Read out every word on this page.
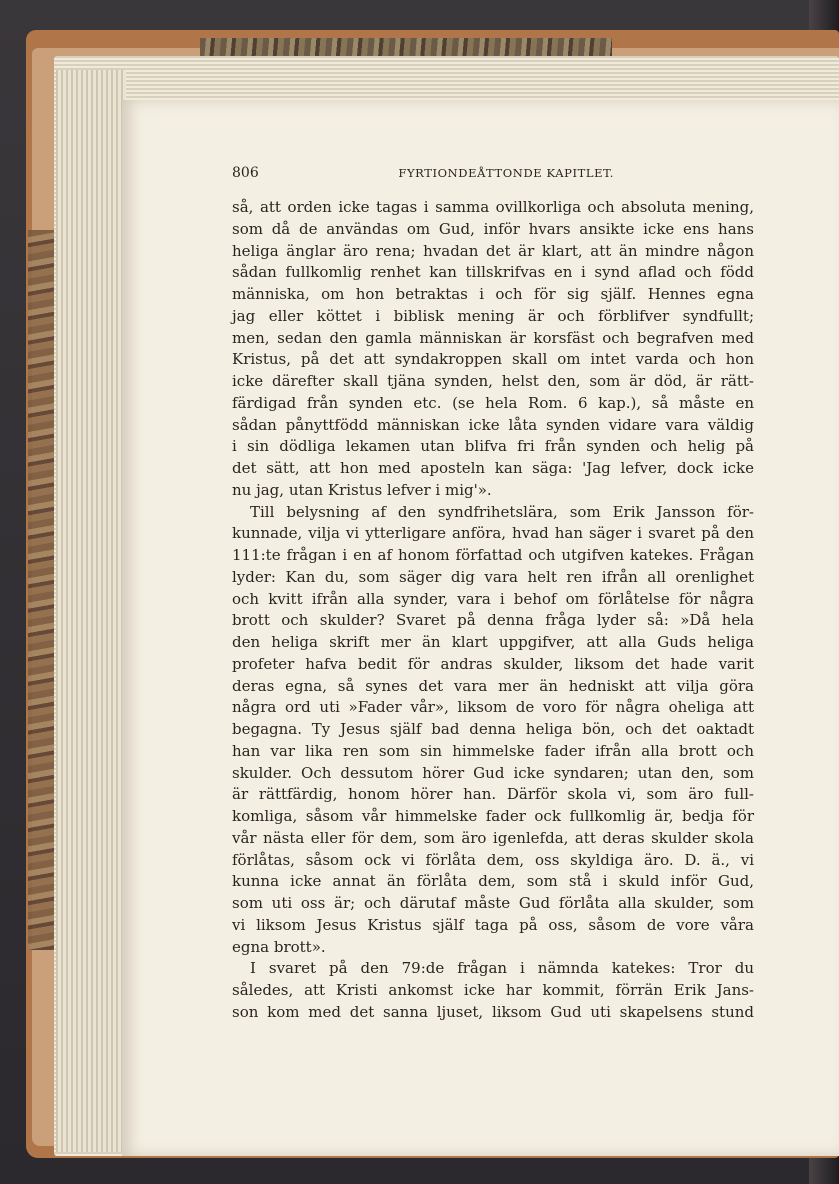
806	FYRTIONDEÅTTONDE KAPITLET.
så, att orden icke tagas i samma ovillkorliga och absoluta mening,
som då de användas om Gud, inför hvars ansikte icke ens hans
heliga änglar äro rena; hvadan det är klart, att än mindre någon
sådan fullkomlig renhet kan tillskrifvas en i synd aflad och född
människa, om hon betraktas i och för sig själf. Hennes egna
jag eller köttet i biblisk mening är och förblifver syndfullt;
men, sedan den gamla människan är korsfäst och begrafven med
Kristus, på det att syndakroppen skall om intet varda och hon
icke därefter skall tjäna synden, helst den, som är död, är rätt-
färdigad från synden etc. (se hela Rom. 6 kap.), så måste en
sådan pånyttfödd människan icke låta synden vidare vara väldig
i sin dödliga lekamen utan blifva fri från synden och helig på
det sätt, att hon med aposteln kan säga: 'Jag lefver, dock icke
nu jag, utan Kristus lefver i mig'».
Till belysning af den syndfrihetslära, som Erik Jansson för-
kunnade, vilja vi ytterligare anföra, hvad han säger i svaret på den
111:te frågan i en af honom författad och utgifven katekes. Frågan
lyder: Kan du, som säger dig vara helt ren ifrån all orenlighet
och kvitt ifrån alla synder, vara i behof om förlåtelse för några
brott och skulder? Svaret på denna fråga lyder så: »Då hela
den heliga skrift mer än klart uppgifver, att alla Guds heliga
profeter hafva bedit för andras skulder, liksom det hade varit
deras egna, så synes det vara mer än hedniskt att vilja göra
några ord uti »Fader vår», liksom de voro för några oheliga att
begagna. Ty Jesus själf bad denna heliga bön, och det oaktadt
han var lika ren som sin himmelske fader ifrån alla brott och
skulder. Och dessutom hörer Gud icke syndaren; utan den, som
är rättfärdig, honom hörer han. Därför skola vi, som äro full-
komliga, såsom vår himmelske fader ock fullkomlig är, bedja för
vår nästa eller för dem, som äro igenlefda, att deras skulder skola
förlåtas, såsom ock vi förlåta dem, oss skyldiga äro. D. ä., vi
kunna icke annat än förlåta dem, som stå i skuld inför Gud,
som uti oss är; och därutaf måste Gud förlåta alla skulder, som
vi liksom Jesus Kristus själf taga på oss, såsom de vore våra
egna brott».
I svaret på den 79:de frågan i nämnda katekes: Tror du
således, att Kristi ankomst icke har kommit, förrän Erik Jans-
son kom med det sanna ljuset, liksom Gud uti skapelsens stund
